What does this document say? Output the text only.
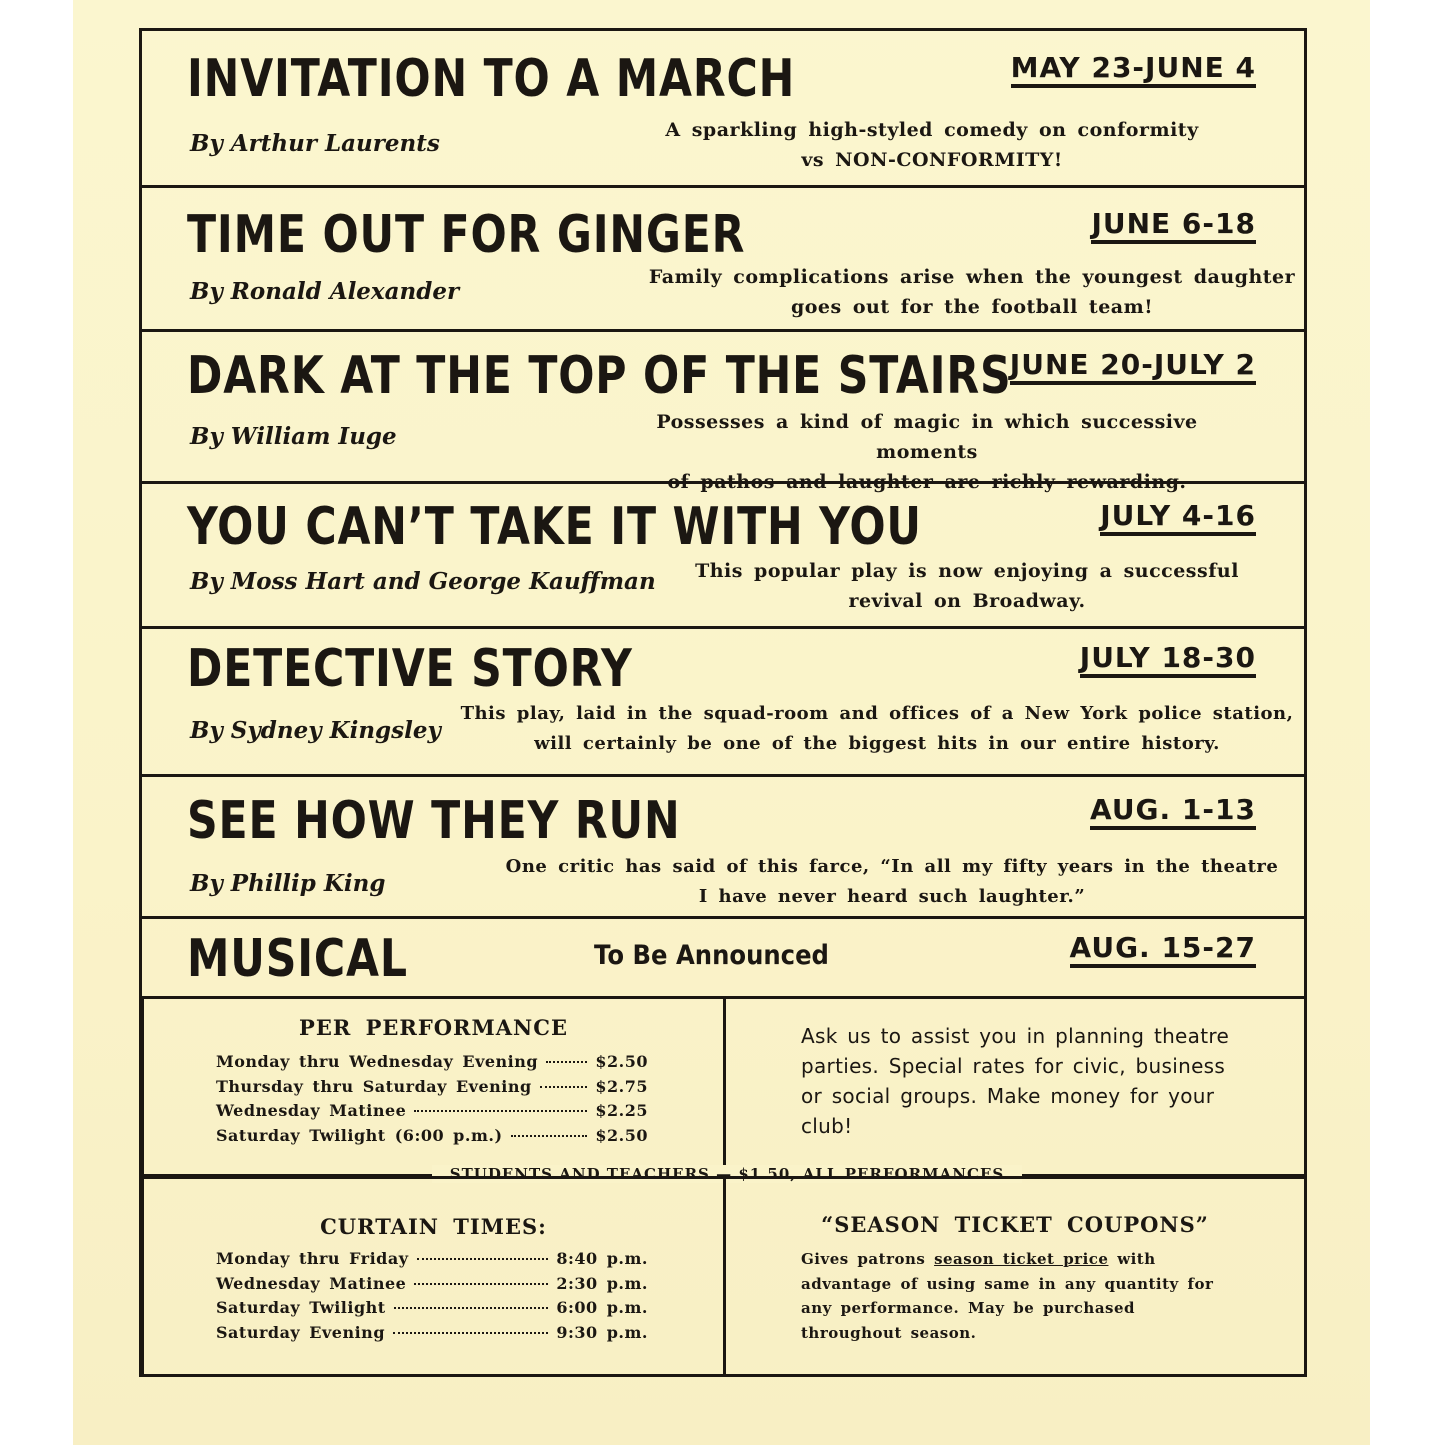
INVITATION TO A MARCH	MAY 23-JUNE 4
By Arthur Laurents	A sparkling high-styled comedy on conformity
vs NON-CONFORMITY!
TIME OUT FOR GINGER	JUNE 6-18
By Ronald Alexander
Family complications arise when the youngest daughter
goes out for the football team!
DARK AT THE TOP OF THE STAIRS
JUNE 20-JULY 2
By William Iuge
Possesses a kind of magic in which successive moments
of pathos and laughter are richly rewarding.
YOU CAN’T TAKE IT WITH YOU	JULY 4-16
By Moss Hart and George Kauffman	This popular play is now enjoying a successful
revival on Broadway.
DETECTIVE STORY	JULY 18-30
By Sydney Kingsley
This play, laid in the squad-room and offices of a New York police station,
will certainly be one of the biggest hits in our entire history.
SEE HOW THEY RUN	AUG. 1-13
By Phillip King
One critic has said of this farce, “In all my fifty years in the theatre
I have never heard such laughter.”
MUSICAL	To Be Announced	AUG. 15-27
PER PERFORMANCE
Monday thru Wednesday Evening	$2.50
Thursday thru Saturday Evening	$2.75
Wednesday Matinee	$2.25
Saturday Twilight (6:00 p.m.)	$2.50
Ask us to assist you in planning theatre parties. Special rates for civic, business or social groups. Make money for your club!
STUDENTS AND TEACHERS — $1.50, ALL PERFORMANCES
CURTAIN TIMES:
Monday thru Friday	8:40 p.m.
Wednesday Matinee	2:30 p.m.
Saturday Twilight	6:00 p.m.
Saturday Evening	9:30 p.m.
“SEASON TICKET COUPONS”
Gives patrons season ticket price with advantage of using same in any quantity for any performance. May be purchased throughout season.
